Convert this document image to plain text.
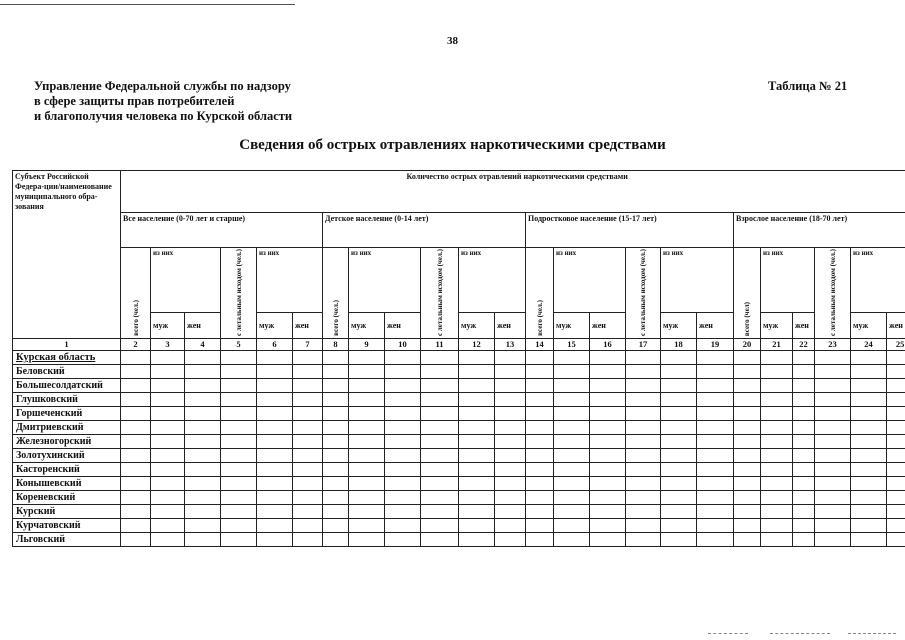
38
Управление Федеральной службы по надзору
в сфере защиты прав потребителей
и благополучия человека по Курской области
Таблица № 21
Сведения об острых отравлениях наркотическими средствами
Субъект Российской Федера-ции/наименование муниципального обра-зования	Количество острых отравлений наркотическими средствами																							
	Все население (0-70 лет и старше)						Детское население (0-14 лет)						Подростковое население (15-17 лет)						Взрослое население (18-70 лет)					

	всего (чел.)	из них		с летальным исходом (чел.)	из них		всего (чел.)	из них		с летальным исходом (чел.)	из них		всего (чел.)	из них		с летальным исходом (чел.)	из них		всего (чел)	из них		с летальным исходом (чел.)	из них	
		муж	жен		муж	жен		муж	жен		муж	жен		муж	жен		муж	жен		муж	жен		муж	жен
1	2	3	4	5	6	7	8	9	10	11	12	13	14	15	16	17	18	19	20	21	22	23	24	25
Курская область																								
Беловский																								
Большесолдатский																								
Глушковский																								
Горшеченский																								
Дмитриевский																								
Железногорский																								
Золотухинский																								
Касторенский																								
Конышевский																								
Кореневский																								
Курский																								
Курчатовский																								
Льговский																								
